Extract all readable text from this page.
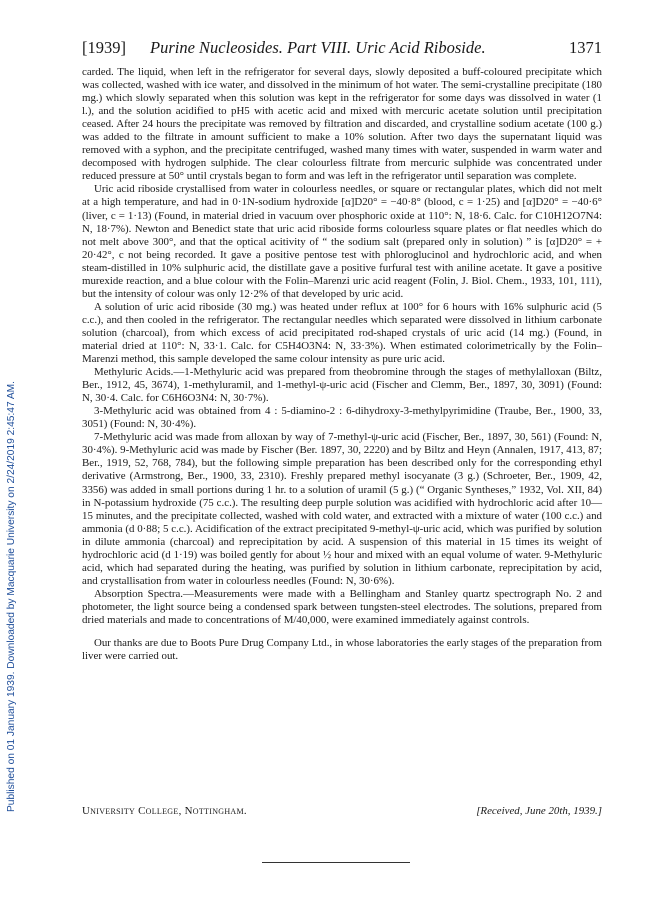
[1939] Purine Nucleosides. Part VIII. Uric Acid Riboside.	1371
Published on 01 January 1939. Downloaded by Macquarie University on 2/24/2019 2:45:47 AM.

carded. The liquid, when left in the refrigerator for several days, slowly deposited a buff-coloured precipitate which was collected, washed with ice water, and dissolved in the minimum of hot water. The semi-crystalline precipitate (180 mg.) which slowly separated when this solution was kept in the refrigerator for some days was dissolved in water (1 l.), and the solution acidified to pH5 with acetic acid and mixed with mercuric acetate solution until precipitation ceased. After 24 hours the precipitate was removed by filtration and discarded, and crystalline sodium acetate (100 g.) was added to the filtrate in amount sufficient to make a 10% solution. After two days the supernatant liquid was removed with a syphon, and the precipitate centrifuged, washed many times with water, suspended in warm water and decomposed with hydrogen sulphide. The clear colourless filtrate from mercuric sulphide was concentrated under reduced pressure at 50° until crystals began to form and was left in the refrigerator until separation was complete.

Uric acid riboside crystallised from water in colourless needles, or square or rectangular plates, which did not melt at a high temperature, and had in 0·1N-sodium hydroxide [α]D20° = −40·8° (blood, c = 1·25) and [α]D20° = −40·6° (liver, c = 1·13) (Found, in material dried in vacuum over phosphoric oxide at 110°: N, 18·6. Calc. for C10H12O7N4: N, 18·7%). Newton and Benedict state that uric acid riboside forms colourless square plates or flat needles which do not melt above 300°, and that the optical acitivity of “ the sodium salt (prepared only in solution) ” is [α]D20° = + 20·42°, c not being recorded. It gave a positive pentose test with phloroglucinol and hydrochloric acid, and when steam-distilled in 10% sulphuric acid, the distillate gave a positive furfural test with aniline acetate. It gave a positive murexide reaction, and a blue colour with the Folin–Marenzi uric acid reagent (Folin, J. Biol. Chem., 1933, 101, 111), but the intensity of colour was only 12·2% of that developed by uric acid.

A solution of uric acid riboside (30 mg.) was heated under reflux at 100° for 6 hours with 16% sulphuric acid (5 c.c.), and then cooled in the refrigerator. The rectangular needles which separated were dissolved in lithium carbonate solution (charcoal), from which excess of acid precipitated rod-shaped crystals of uric acid (14 mg.) (Found, in material dried at 110°: N, 33·1. Calc. for C5H4O3N4: N, 33·3%). When estimated colorimetrically by the Folin–Marenzi method, this sample developed the same colour intensity as pure uric acid.

Methyluric Acids.—1-Methyluric acid was prepared from theobromine through the stages of methylalloxan (Biltz, Ber., 1912, 45, 3674), 1-methyluramil, and 1-methyl-ψ-uric acid (Fischer and Clemm, Ber., 1897, 30, 3091) (Found: N, 30·4. Calc. for C6H6O3N4: N, 30·7%).

3-Methyluric acid was obtained from 4 : 5-diamino-2 : 6-dihydroxy-3-methylpyrimidine (Traube, Ber., 1900, 33, 3051) (Found: N, 30·4%).

7-Methyluric acid was made from alloxan by way of 7-methyl-ψ-uric acid (Fischer, Ber., 1897, 30, 561) (Found: N, 30·4%). 9-Methyluric acid was made by Fischer (Ber. 1897, 30, 2220) and by Biltz and Heyn (Annalen, 1917, 413, 87; Ber., 1919, 52, 768, 784), but the following simple preparation has been described only for the corresponding ethyl derivative (Armstrong, Ber., 1900, 33, 2310). Freshly prepared methyl isocyanate (3 g.) (Schroeter, Ber., 1909, 42, 3356) was added in small portions during 1 hr. to a solution of uramil (5 g.) (“ Organic Syntheses,” 1932, Vol. XII, 84) in N-potassium hydroxide (75 c.c.). The resulting deep purple solution was acidified with hydrochloric acid after 10—15 minutes, and the precipitate collected, washed with cold water, and extracted with a mixture of water (100 c.c.) and ammonia (d 0·88; 5 c.c.). Acidification of the extract precipitated 9-methyl-ψ-uric acid, which was purified by solution in dilute ammonia (charcoal) and reprecipitation by acid. A suspension of this material in 15 times its weight of hydrochloric acid (d 1·19) was boiled gently for about ½ hour and mixed with an equal volume of water. 9-Methyluric acid, which had separated during the heating, was purified by solution in lithium carbonate, reprecipitation by acid, and crystallisation from water in colourless needles (Found: N, 30·6%).

Absorption Spectra.—Measurements were made with a Bellingham and Stanley quartz spectrograph No. 2 and photometer, the light source being a condensed spark between tungsten-steel electrodes. The solutions, prepared from dried materials and made to concentrations of M/40,000, were examined immediately against controls.

Our thanks are due to Boots Pure Drug Company Ltd., in whose laboratories the early stages of the preparation from liver were carried out.

University College, Nottingham.	[Received, June 20th, 1939.]
